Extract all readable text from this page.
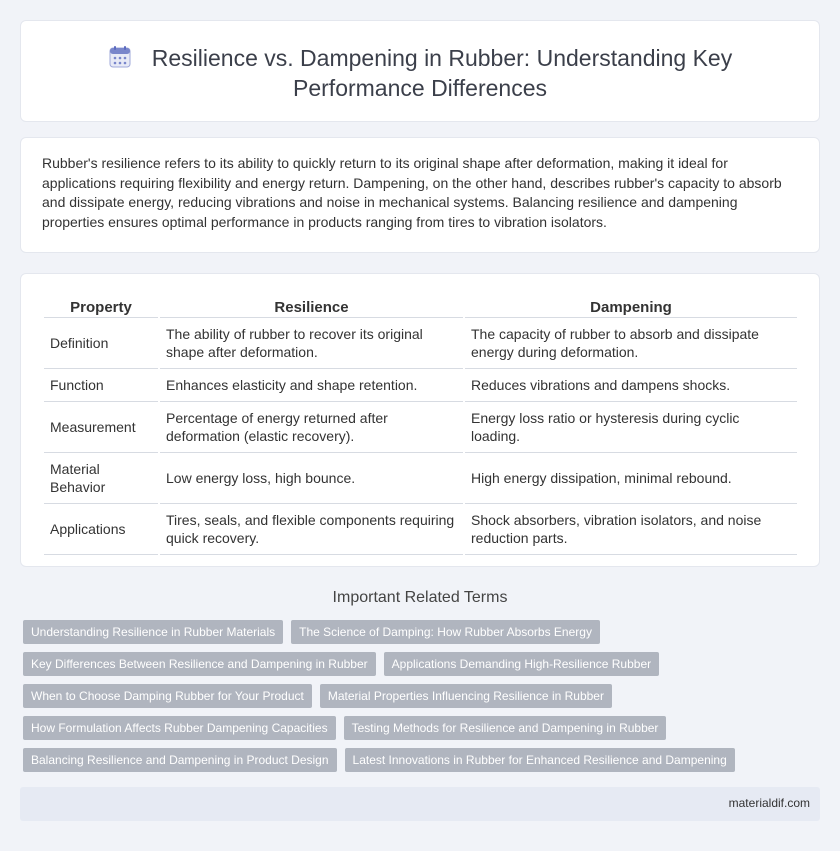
Resilience vs. Dampening in Rubber: Understanding Key
Performance Differences

Rubber's resilience refers to its ability to quickly return to its original shape after deformation, making it ideal for applications requiring flexibility and energy return. Dampening, on the other hand, describes rubber's capacity to absorb and dissipate energy, reducing vibrations and noise in mechanical systems. Balancing resilience and dampening properties ensures optimal performance in products ranging from tires to vibration isolators.

Property	Resilience	Dampening
Definition	The ability of rubber to recover its original shape after deformation.	The capacity of rubber to absorb and dissipate energy during deformation.
Function	Enhances elasticity and shape retention.	Reduces vibrations and dampens shocks.
Measurement	Percentage of energy returned after deformation (elastic recovery).	Energy loss ratio or hysteresis during cyclic loading.
Material Behavior	Low energy loss, high bounce.	High energy dissipation, minimal rebound.
Applications	Tires, seals, and flexible components requiring quick recovery.	Shock absorbers, vibration isolators, and noise reduction parts.
Important Related Terms
Understanding Resilience in Rubber Materials	The Science of Damping: How Rubber Absorbs Energy
Key Differences Between Resilience and Dampening in Rubber	Applications Demanding High-Resilience Rubber
When to Choose Damping Rubber for Your Product	Material Properties Influencing Resilience in Rubber
How Formulation Affects Rubber Dampening Capacities	Testing Methods for Resilience and Dampening in Rubber
Balancing Resilience and Dampening in Product Design	Latest Innovations in Rubber for Enhanced Resilience and Dampening
materialdif.com
